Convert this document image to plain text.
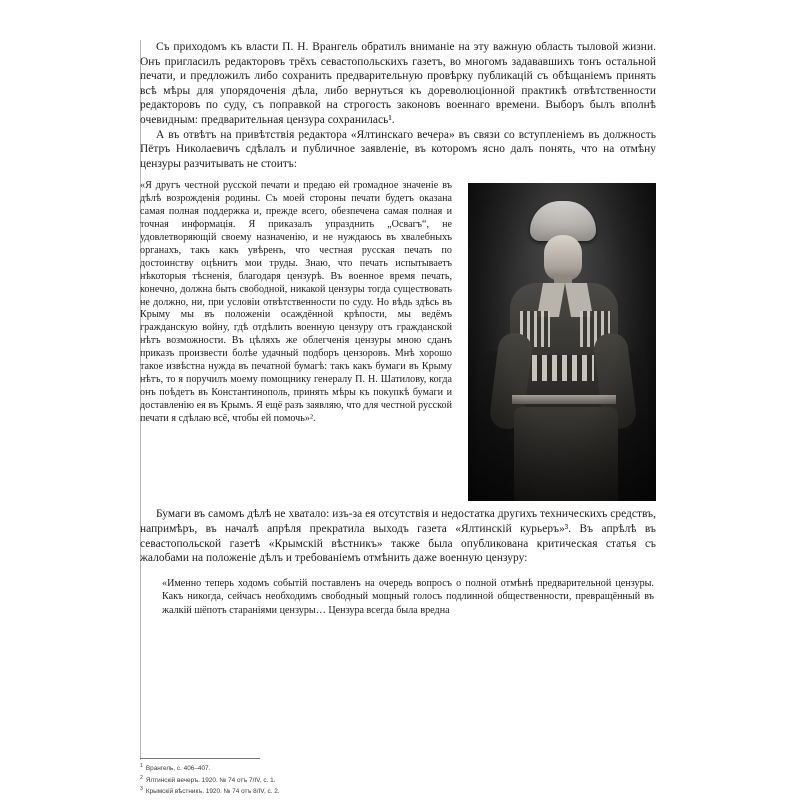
Съ приходомъ къ власти П. Н. Врангель обратилъ вниманіе на эту важную область тыловой жизни. Онъ пригласилъ редакторовъ трёхъ севастопольскихъ газетъ, во многомъ задававшихъ тонъ остальной печати, и предложилъ либо сохранить предварительную провѣрку публикацій съ обѣщаніемъ принять всѣ мѣры для упорядоченія дѣла, либо вернуться къ дореволюціонной практикѣ отвѣтственности редакторовъ по суду, съ поправкой на строгость законовъ военнаго времени. Выборъ былъ вполнѣ очевидным: предварительная цензура сохранилась¹.

А въ отвѣтъ на привѣтствія редактора «Ялтинскаго вечера» въ связи со вступленіемъ въ должность Пётръ Николаевичъ сдѣлалъ и публичное заявленіе, въ которомъ ясно далъ понять, что на отмѣну цензуры разчитывать не стоитъ:

«Я другъ честной русской печати и предаю ей громадное значеніе въ дѣлѣ возрожденія родины. Съ моей стороны печати будетъ оказана самая полная поддержка и, прежде всего, обезпечена самая полная и точная информація. Я приказалъ упразднить „Освагъ“, не удовлетворяющій своему назначенію, и не нуждаюсь въ хвалебныхъ органахъ, такъ какъ увѣренъ, что честная русская печать по достоинству оцѣнитъ мои труды. Знаю, что печать испытываетъ нѣкоторыя тѣсненія, благодаря цензурѣ. Въ военное время печать, конечно, должна быть свободной, никакой цензуры тогда существовать не должно, ни, при условіи отвѣтственности по суду. Но вѣдь здѣсь въ Крыму мы въ положеніи осаждённой крѣпости, мы ведёмъ гражданскую войну, гдѣ отдѣлить военную цензуру отъ гражданской нѣтъ возможности. Въ цѣляхъ же облегченія цензуры мною сданъ приказъ произвести болѣе удачный подборъ цензоровъ. Мнѣ хорошо такое извѣстна нужда въ печатной бумагѣ: такъ какъ бумаги въ Крыму нѣтъ, то я поручилъ моему помощнику генералу П. Н. Шатилову, когда онъ поѣдетъ въ Константинополь, принять мѣры къ покупкѣ бумаги и доставленію ея въ Крымъ. Я ещё разъ заявляю, что для честной русской печати я сдѣлаю всё, чтобы ей помочь»².

Бумаги въ самомъ дѣлѣ не хватало: изъ-за ея отсутствія и недостатка другихъ техническихъ средствъ, напримѣръ, въ началѣ апрѣля прекратила выходъ газета «Ялтинскій курьеръ»³. Въ апрѣлѣ въ севастопольской газетѣ «Крымскій вѣстникъ» также была опубликована критическая статья съ жалобами на положеніе дѣлъ и требованіемъ отмѣнить даже военную цензуру:

«Именно теперь ходомъ событій поставленъ на очередь вопросъ о полной отмѣнѣ предварительной цензуры. Какъ никогда, сейчасъ необходимъ свободный мощный голосъ подлинной общественности, превращённый въ жалкій шёпотъ стараніями цензуры… Цензура всегда была вредна

$^1$ Врангель, с. 406–407.
$^2$ Ялтинскій вечеръ. 1920. № 74 отъ 7/IV, с. 1.
$^3$ Крымскій вѣстникъ. 1920. № 74 отъ 8/IV, с. 2.
